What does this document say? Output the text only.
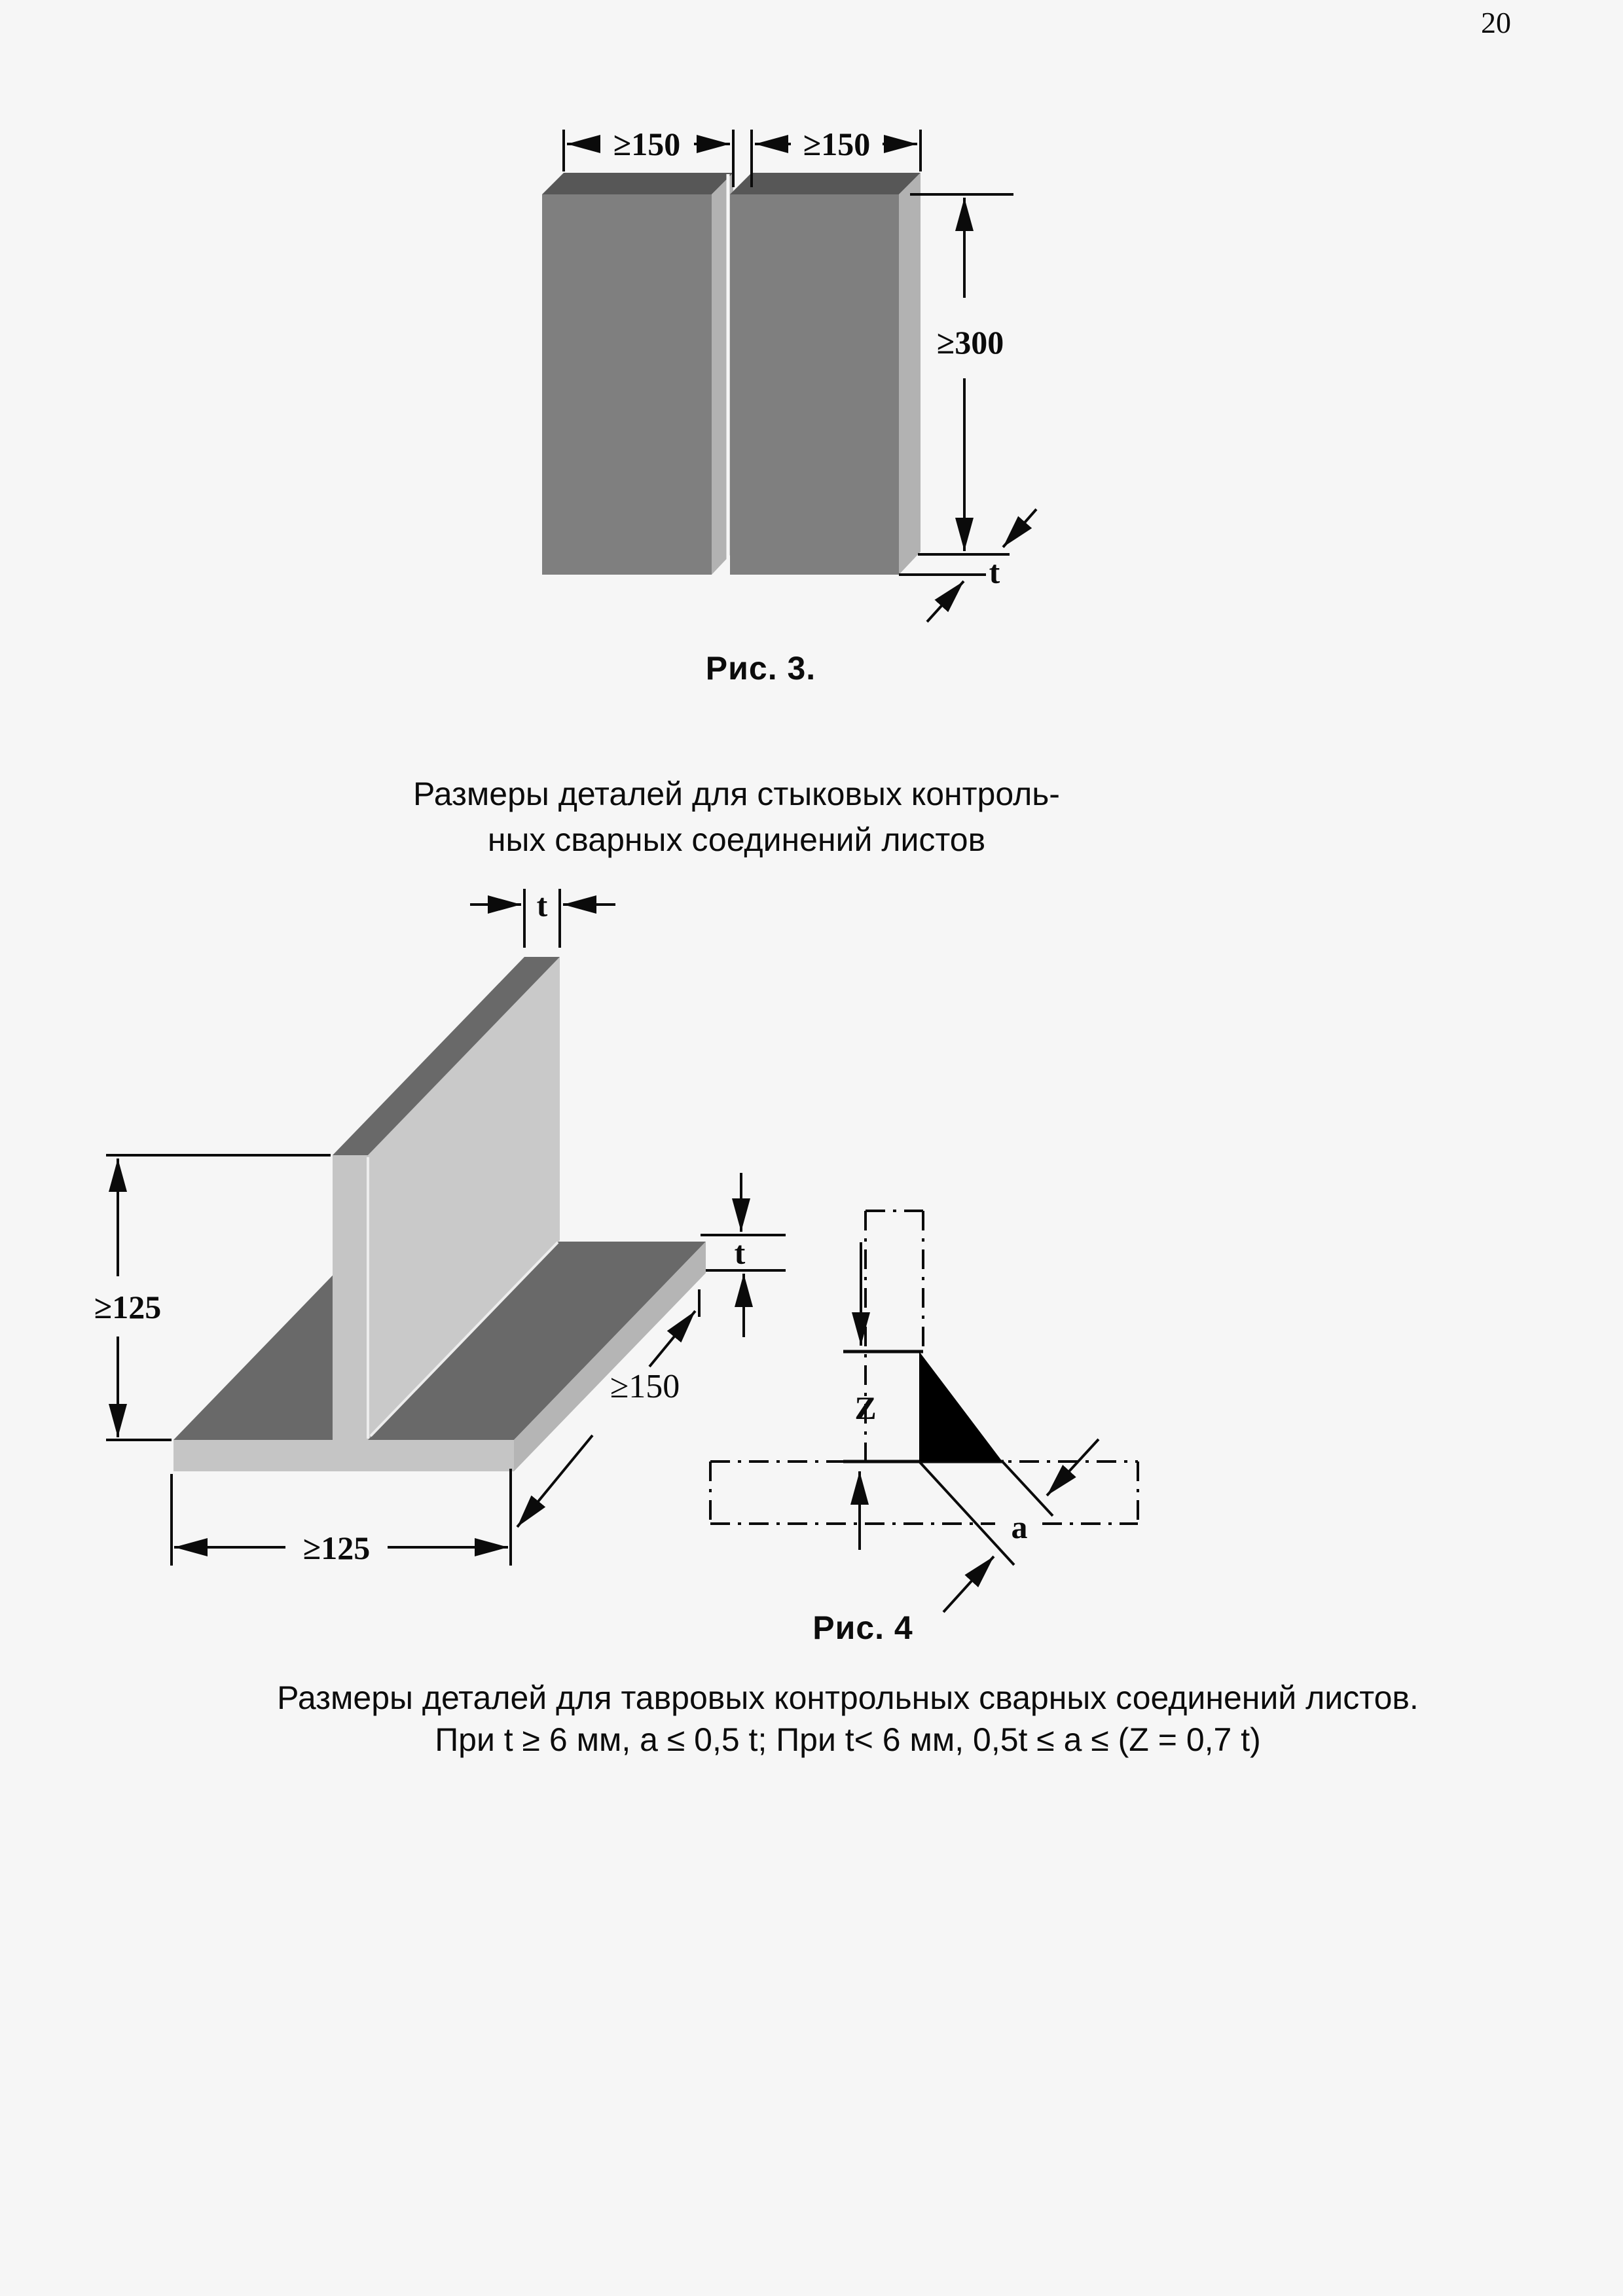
20
≥150	≥150
≥300
t
t
≥125
≥125
≥150
t
Z
a
Рис. 3.
Размеры деталей для стыковых контроль-
ных сварных соединений листов
Рис. 4
Размеры деталей для тавровых контрольных сварных соединений листов.
При t ≥ 6 мм, a ≤ 0,5 t; При t< 6 мм, 0,5t ≤ a ≤ (Z = 0,7 t)
